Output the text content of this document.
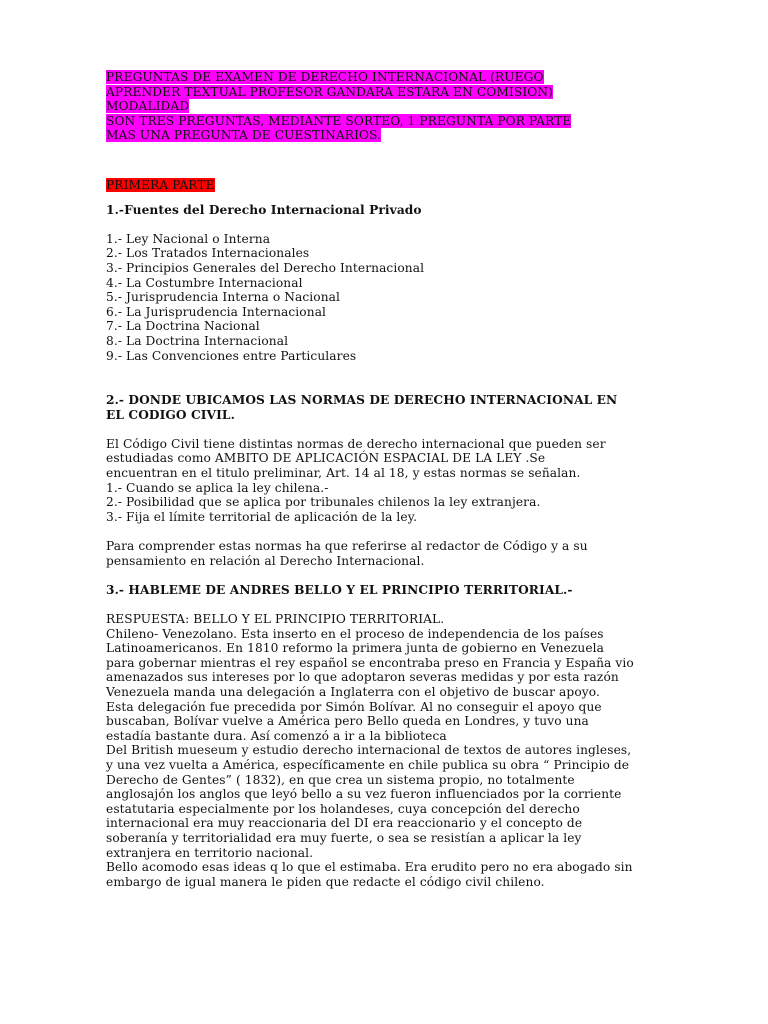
PREGUNTAS DE EXAMEN DE DERECHO INTERNACIONAL (RUEGO
APRENDER TEXTUAL PROFESOR GANDARA ESTARA EN COMISION)
MODALIDAD
SON TRES PREGUNTAS, MEDIANTE SORTEO, 1 PREGUNTA POR PARTE
MAS UNA PREGUNTA DE CUESTINARIOS.
PRIMERA PARTE
1.-Fuentes del Derecho Internacional Privado
1.- Ley Nacional o Interna
2.- Los Tratados Internacionales
3.- Principios Generales del Derecho Internacional
4.- La Costumbre Internacional
5.- Jurisprudencia Interna o Nacional
6.- La Jurisprudencia Internacional
7.- La Doctrina Nacional
8.- La Doctrina Internacional
9.- Las Convenciones entre Particulares
2.- DONDE UBICAMOS LAS NORMAS DE DERECHO INTERNACIONAL EN
EL CODIGO CIVIL.
El Código Civil tiene distintas normas de derecho internacional que pueden ser
estudiadas como AMBITO DE APLICACIÓN ESPACIAL DE LA LEY .Se
encuentran en el titulo preliminar, Art. 14 al 18, y estas normas se señalan.
1.- Cuando se aplica la ley chilena.-
2.- Posibilidad que se aplica por tribunales chilenos la ley extranjera.
3.- Fija el límite territorial de aplicación de la ley.
Para comprender estas normas ha que referirse al redactor de Código y a su
pensamiento en relación al Derecho Internacional.
3.- HABLEME DE ANDRES BELLO Y EL PRINCIPIO TERRITORIAL.-
RESPUESTA: BELLO Y EL PRINCIPIO TERRITORIAL.
Chileno- Venezolano. Esta inserto en el proceso de independencia de los países
Latinoamericanos. En 1810 reformo la primera junta de gobierno en Venezuela
para gobernar mientras el rey español se encontraba preso en Francia y España vio
amenazados sus intereses por lo que adoptaron severas medidas y por esta razón
Venezuela manda una delegación a Inglaterra con el objetivo de buscar apoyo.
Esta delegación fue precedida por Simón Bolívar. Al no conseguir el apoyo que
buscaban, Bolívar vuelve a América pero Bello queda en Londres, y tuvo una
estadía bastante dura. Así comenzó a ir a la biblioteca
Del British mueseum y estudio derecho internacional de textos de autores ingleses,
y una vez vuelta a América, específicamente en chile publica su obra “ Principio de
Derecho de Gentes” ( 1832), en que crea un sistema propio, no totalmente
anglosajón los anglos que leyó bello a su vez fueron influenciados por la corriente
estatutaria especialmente por los holandeses, cuya concepción del derecho
internacional era muy reaccionaria del DI era reaccionario y el concepto de
soberanía y territorialidad era muy fuerte, o sea se resistían a aplicar la ley
extranjera en territorio nacional.
Bello acomodo esas ideas q lo que el estimaba. Era erudito pero no era abogado sin
embargo de igual manera le piden que redacte el código civil chileno.
